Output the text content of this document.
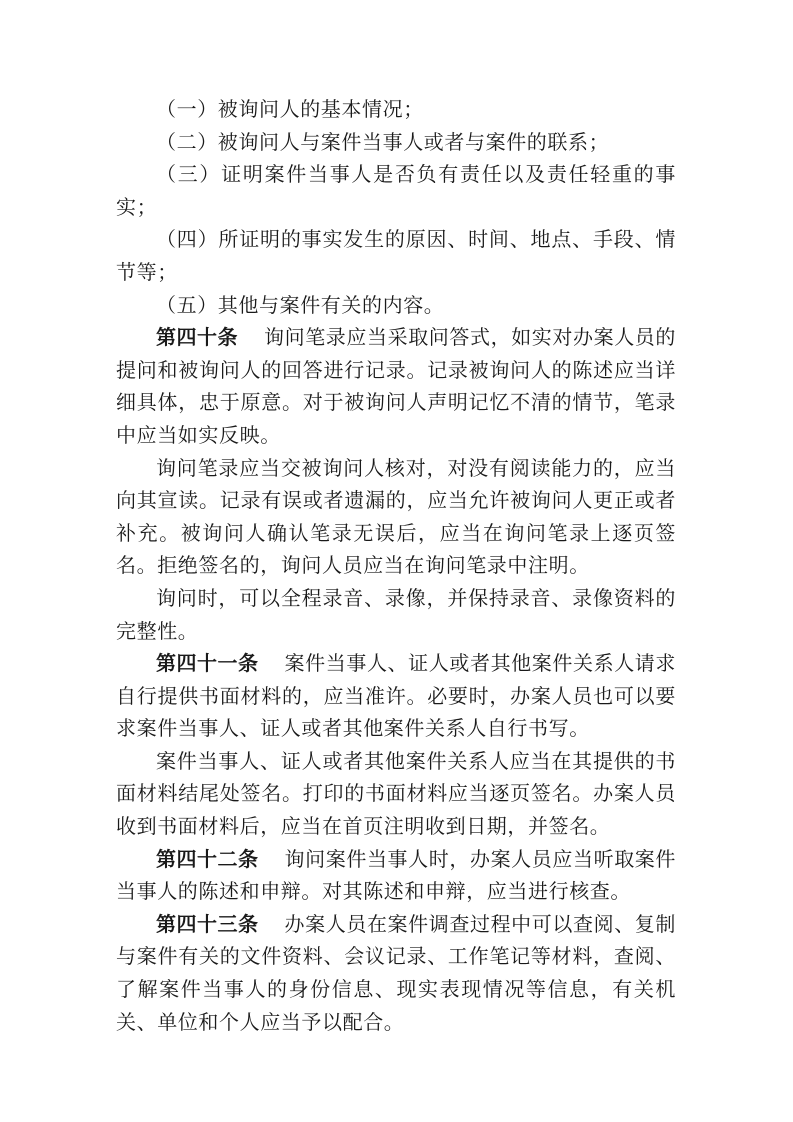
（一）被询问人的基本情况；

（二）被询问人与案件当事人或者与案件的联系；

（三）证明案件当事人是否负有责任以及责任轻重的事实；

（四）所证明的事实发生的原因、时间、地点、手段、情节等；

（五）其他与案件有关的内容。

第四十条 询问笔录应当采取问答式，如实对办案人员的提问和被询问人的回答进行记录。记录被询问人的陈述应当详细具体，忠于原意。对于被询问人声明记忆不清的情节，笔录中应当如实反映。

询问笔录应当交被询问人核对，对没有阅读能力的，应当向其宣读。记录有误或者遗漏的，应当允许被询问人更正或者补充。被询问人确认笔录无误后，应当在询问笔录上逐页签名。拒绝签名的，询问人员应当在询问笔录中注明。

询问时，可以全程录音、录像，并保持录音、录像资料的完整性。

第四十一条 案件当事人、证人或者其他案件关系人请求自行提供书面材料的，应当准许。必要时，办案人员也可以要求案件当事人、证人或者其他案件关系人自行书写。

案件当事人、证人或者其他案件关系人应当在其提供的书面材料结尾处签名。打印的书面材料应当逐页签名。办案人员收到书面材料后，应当在首页注明收到日期，并签名。

第四十二条 询问案件当事人时，办案人员应当听取案件当事人的陈述和申辩。对其陈述和申辩，应当进行核查。

第四十三条 办案人员在案件调查过程中可以查阅、复制与案件有关的文件资料、会议记录、工作笔记等材料，查阅、了解案件当事人的身份信息、现实表现情况等信息，有关机关、单位和个人应当予以配合。
